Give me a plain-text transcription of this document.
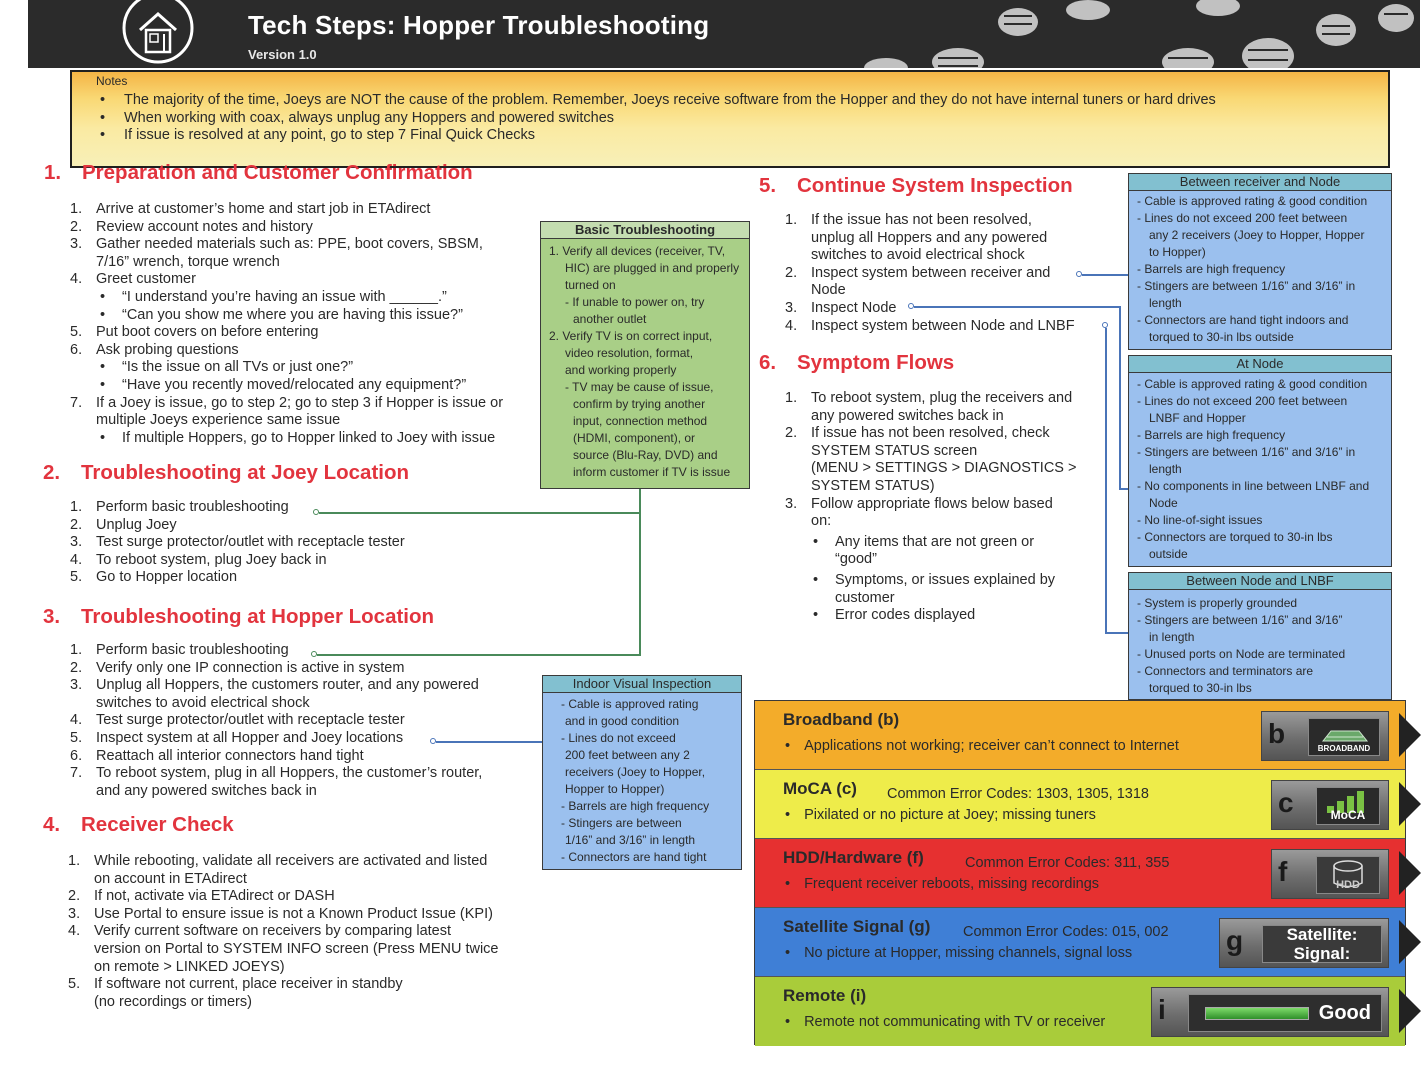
Tech Steps: Hopper Troubleshooting
Version 1.0
Notes
• The majority of the time, Joeys are NOT the cause of the problem. Remember, Joeys receive software from the Hopper and they do not have internal tuners or hard drives
• When working with coax, always unplug any Hoppers and powered switches
• If issue is resolved at any point, go to step 7 Final Quick Checks
1. Preparation and Customer Confirmation
1. Arrive at customer’s home and start job in ETAdirect
2. Review account notes and history
3. Gather needed materials such as: PPE, boot covers, SBSM,
7/16” wrench, torque wrench
4. Greet customer
• “I understand you’re having an issue with ______.”
• “Can you show me where you are having this issue?”
5. Put boot covers on before entering
6. Ask probing questions
• “Is the issue on all TVs or just one?”
• “Have you recently moved/relocated any equipment?”
7. If a Joey is issue, go to step 2; go to step 3 if Hopper is issue or
multiple Joeys experience same issue
• If multiple Hoppers, go to Hopper linked to Joey with issue
Basic Troubleshooting
1. Verify all devices (receiver, TV,
HIC) are plugged in and properly
turned on
- If unable to power on, try
another outlet
2. Verify TV is on correct input,
video resolution, format,
and working properly
- TV may be cause of issue,
confirm by trying another
input, connection method
(HDMI, component), or
source (Blu-Ray, DVD) and
inform customer if TV is issue
2. Troubleshooting at Joey Location
1. Perform basic troubleshooting
2. Unplug Joey
3. Test surge protector/outlet with receptacle tester
4. To reboot system, plug Joey back in
5. Go to Hopper location
3. Troubleshooting at Hopper Location
1. Perform basic troubleshooting
2. Verify only one IP connection is active in system
3. Unplug all Hoppers, the customers router, and any powered
switches to avoid electrical shock
4. Test surge protector/outlet with receptacle tester
5. Inspect system at all Hopper and Joey locations
6. Reattach all interior connectors hand tight
7. To reboot system, plug in all Hoppers, the customer’s router,
and any powered switches back in
Indoor Visual Inspection
- Cable is approved rating
and in good condition
- Lines do not exceed
200 feet between any 2
receivers (Joey to Hopper,
Hopper to Hopper)
- Barrels are high frequency
- Stingers are between
1/16” and 3/16” in length
- Connectors are hand tight
4. Receiver Check
1. While rebooting, validate all receivers are activated and listed
on account in ETAdirect
2. If not, activate via ETAdirect or DASH
3. Use Portal to ensure issue is not a Known Product Issue (KPI)
4. Verify current software on receivers by comparing latest
version on Portal to SYSTEM INFO screen (Press MENU twice
on remote > LINKED JOEYS)
5. If software not current, place receiver in standby
(no recordings or timers)
5. Continue System Inspection
1. If the issue has not been resolved,
unplug all Hoppers and any powered
switches to avoid electrical shock
2. Inspect system between receiver and
Node
3. Inspect Node
4. Inspect system between Node and LNBF
6. Symptom Flows
1. To reboot system, plug the receivers and
any powered switches back in
2. If issue has not been resolved, check
SYSTEM STATUS screen
(MENU > SETTINGS > DIAGNOSTICS >
SYSTEM STATUS)
3. Follow appropriate flows below based
on:
• Any items that are not green or
“good”
• Symptoms, or issues explained by
customer
• Error codes displayed
Between receiver and Node
- Cable is approved rating & good condition
- Lines do not exceed 200 feet between
any 2 receivers (Joey to Hopper, Hopper
to Hopper)
- Barrels are high frequency
- Stingers are between 1/16” and 3/16” in
length
- Connectors are hand tight indoors and
torqued to 30-in lbs outside
At Node
- Cable is approved rating & good condition
- Lines do not exceed 200 feet between
LNBF and Hopper
- Barrels are high frequency
- Stingers are between 1/16” and 3/16” in
length
- No components in line between LNBF and
Node
- No line-of-sight issues
- Connectors are torqued to 30-in lbs
outside
Between Node and LNBF
- System is properly grounded
- Stingers are between 1/16” and 3/16”
in length
- Unused ports on Node are terminated
- Connectors and terminators are
torqued to 30-in lbs
Broadband (b)
• Applications not working; receiver can’t connect to Internet	b	BROADBAND
MoCA (c) Common Error Codes: 1303, 1305, 1318
• Pixilated or no picture at Joey; missing tuners	c	MoCA
HDD/Hardware (f)	Common Error Codes: 311, 355
• Frequent receiver reboots, missing recordings	f	HDD
Satellite Signal (g) Common Error Codes: 015, 002
• No picture at Hopper, missing channels, signal loss	g	Satellite:
Signal:
Remote (i)
• Remote not communicating with TV or receiver i	Good
